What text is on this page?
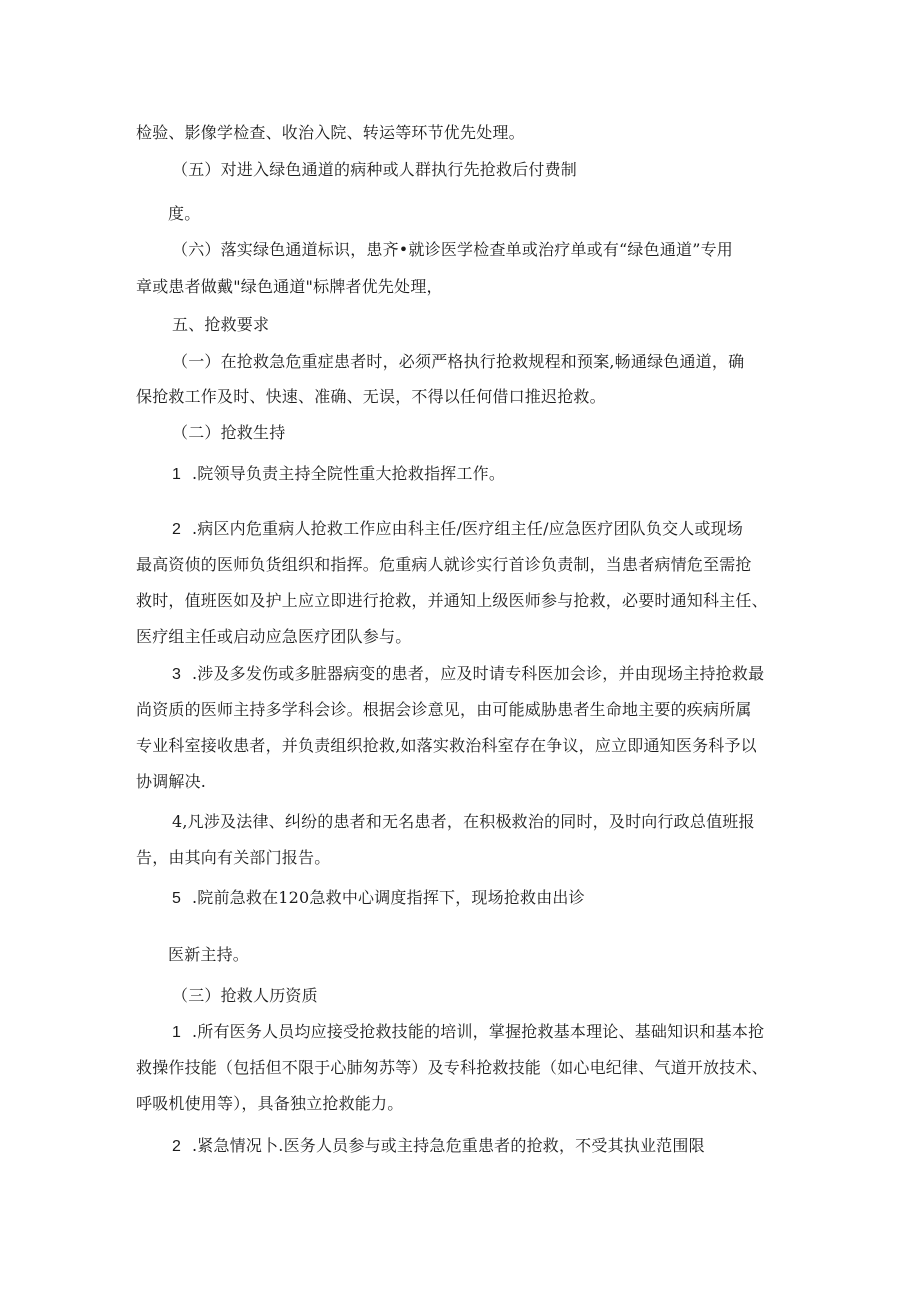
检验、影像学检查、收治入院、转运等环节优先处理。
（五）对进入绿色通道的病种或人群执行先抢救后付费制
度。
（六）落实绿色通道标识，患齐•就诊医学检查单或治疗单或有“绿色通道”专用
章或患者做戴"绿色通道"标牌者优先处理，
五、抢救要求
（一）在抢救急危重症患者时，必须严格执行抢救规程和预案,畅通绿色通道，确
保抢救工作及时、快速、准确、无误，不得以任何借口推迟抢救。
（二）抢救生持
1 .院领导负责主持全院性重大抢救指挥工作。
2 .病区内危重病人抢救工作应由科主任/医疗组主任/应急医疗团队负交人或现场
最高资侦的医师负货组织和指挥。危重病人就诊实行首诊负责制，当患者病情危至需抢
救时，值班医如及护上应立即进行抢救，并通知上级医师参与抢救，必要时通知科主任、
医疗组主任或启动应急医疗团队参与。
3 .涉及多发伤或多脏器病变的患者，应及时请专科医加会诊，并由现场主持抢救最
尚资质的医师主持多学科会诊。根据会诊意见，由可能威胁患者生命地主要的疾病所属
专业科室接收患者，并负责组织抢救,如落实救治科室存在争议，应立即通知医务科予以
协调解决.
4,凡涉及法律、纠纷的患者和无名患者，在积极救治的同时，及时向行政总值班报
告，由其向有关部门报告。
5 .院前急救在120急救中心调度指挥下，现场抢救由出诊
医新主持。
（三）抢救人历资质
1 .所有医务人员均应接受抢救技能的培训，掌握抢救基本理论、基础知识和基本抢
救操作技能（包括但不限于心肺匆苏等）及专科抢救技能（如心电纪律、气道开放技术、
呼吸机使用等），具备独立抢救能力。
2 .紧急情况卜.医务人员参与或主持急危重患者的抢救，不受其执业范围限
